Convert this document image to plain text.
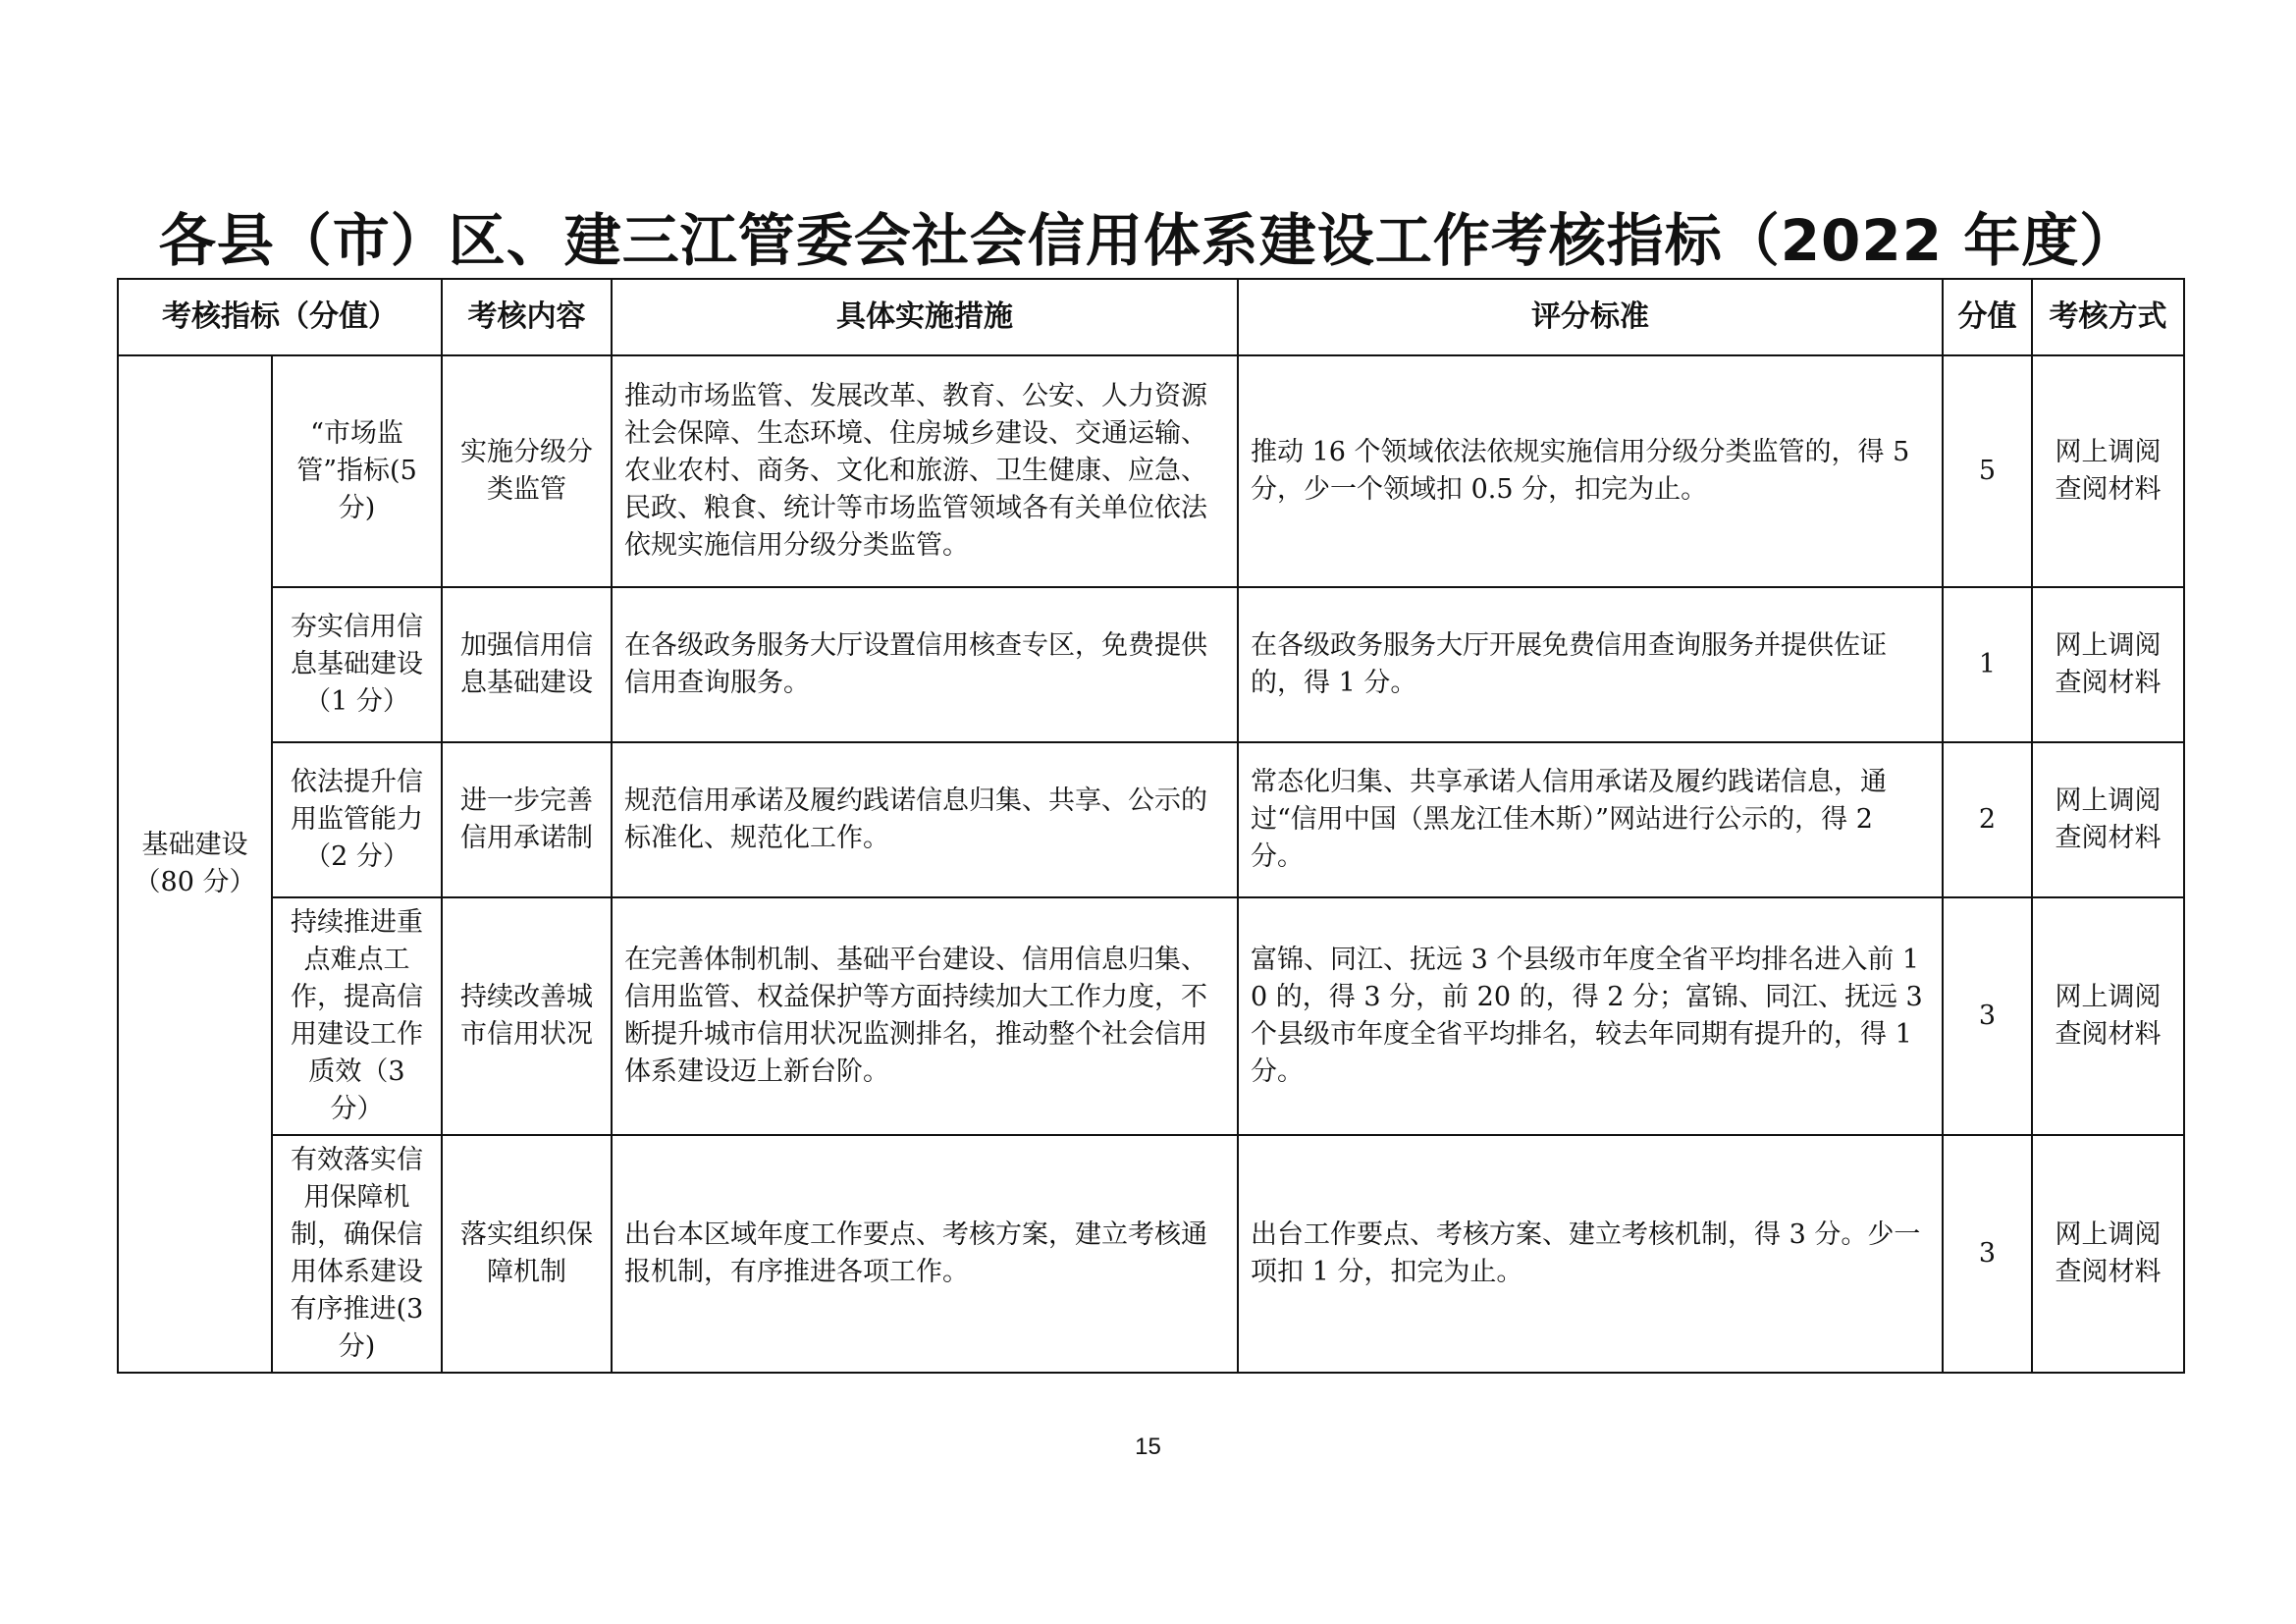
各县（市）区、建三江管委会社会信用体系建设工作考核指标（2022 年度）
考核指标（分值）		考核内容	具体实施措施	评分标准	分值	考核方式
基础建设（80 分）	“市场监管”指标(5分)	实施分级分类监管	推动市场监管、发展改革、教育、公安、人力资源社会保障、生态环境、住房城乡建设、交通运输、农业农村、商务、文化和旅游、卫生健康、应急、民政、粮食、统计等市场监管领域各有关单位依法依规实施信用分级分类监管。	推动 16 个领域依法依规实施信用分级分类监管的，得 5 分，少一个领域扣 0.5 分，扣完为止。	5	网上调阅查阅材料
	夯实信用信息基础建设（1 分）	加强信用信息基础建设	在各级政务服务大厅设置信用核查专区，免费提供信用查询服务。	在各级政务服务大厅开展免费信用查询服务并提供佐证的，得 1 分。	1	网上调阅查阅材料
	依法提升信用监管能力（2 分）	进一步完善信用承诺制	规范信用承诺及履约践诺信息归集、共享、公示的标准化、规范化工作。	常态化归集、共享承诺人信用承诺及履约践诺信息，通过“信用中国（黑龙江佳木斯）”网站进行公示的，得 2 分。	2	网上调阅查阅材料
	持续推进重点难点工作，提高信用建设工作质效（3 分）	持续改善城市信用状况	在完善体制机制、基础平台建设、信用信息归集、信用监管、权益保护等方面持续加大工作力度，不断提升城市信用状况监测排名，推动整个社会信用体系建设迈上新台阶。	富锦、同江、抚远 3 个县级市年度全省平均排名进入前 10 的，得 3 分，前 20 的，得 2 分；富锦、同江、抚远 3 个县级市年度全省平均排名，较去年同期有提升的，得 1 分。	3	网上调阅查阅材料
	有效落实信用保障机制，确保信用体系建设有序推进(3分)	落实组织保障机制	出台本区域年度工作要点、考核方案，建立考核通报机制，有序推进各项工作。	出台工作要点、考核方案、建立考核机制，得 3 分。少一项扣 1 分，扣完为止。	3	网上调阅查阅材料
15
